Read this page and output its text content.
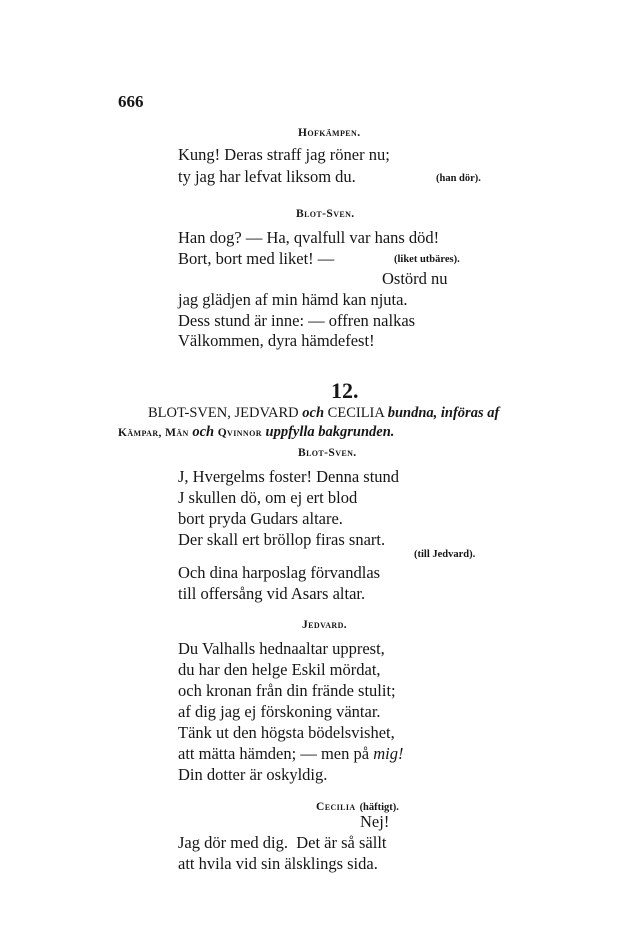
666
Hofkämpen.
Kung! Deras straff jag röner nu;
ty jag har lefvat liksom du.	(han dör).
Blot-Sven.
Han dog? — Ha, qvalfull var hans död!
Bort, bort med liket! —	(liket utbäres).
Ostörd nu
jag glädjen af min hämd kan njuta.
Dess stund är inne: — offren nalkas
Välkommen, dyra hämdefest!
12.
BLOT-SVEN, JEDVARD och CECILIA bundna, införas af
Kämpar, Män och Qvinnor uppfylla bakgrunden.
Blot-Sven.
J, Hvergelms foster! Denna stund
J skullen dö, om ej ert blod
bort pryda Gudars altare.
Der skall ert bröllop firas snart.
(till Jedvard).
Och dina harposlag förvandlas
till offersång vid Asars altar.
Jedvard.
Du Valhalls hednaaltar upprest,
du har den helge Eskil mördat,
och kronan från din frände stulit;
af dig jag ej förskoning väntar.
Tänk ut den högsta bödelsvishet,
att mätta hämden; — men på mig!
Din dotter är oskyldig.
Cecilia (häftigt).
Nej!
Jag dör med dig.  Det är så sällt
att hvila vid sin älsklings sida.
